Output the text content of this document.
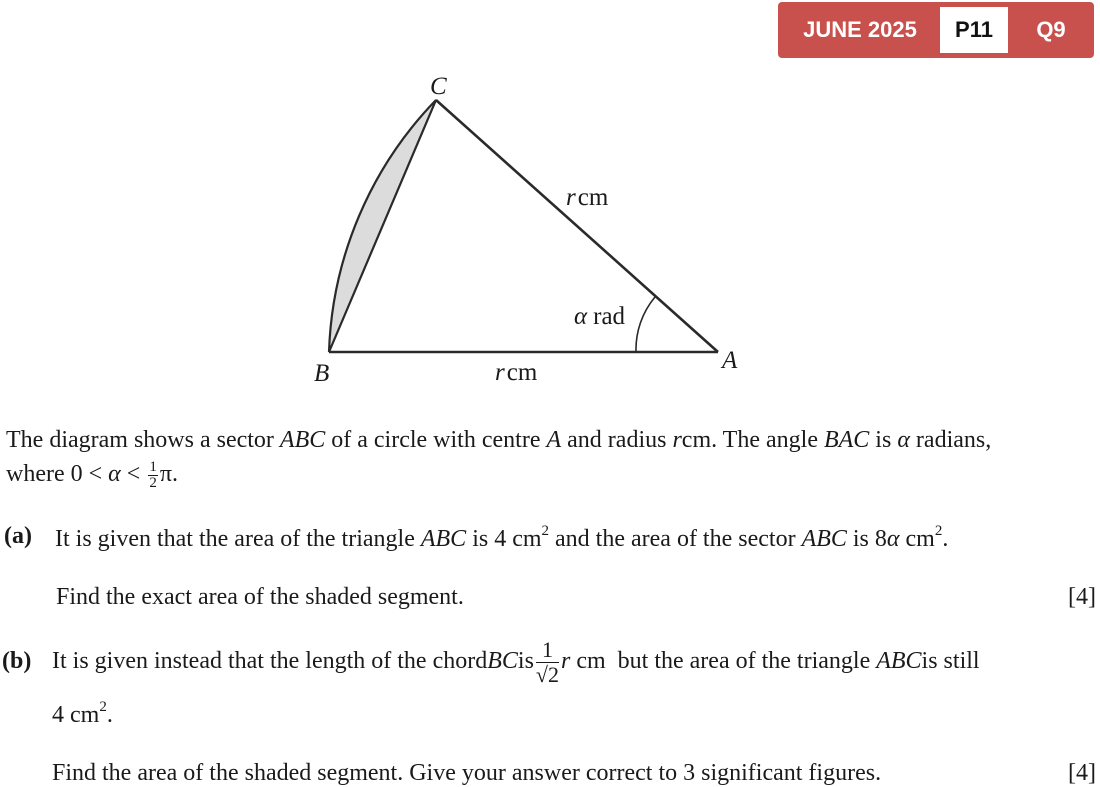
JUNE 2025	P11	Q9
C
B	A
rcm
rcm
α rad
The diagram shows a sector ABC of a circle with centre A and radius rcm. The angle BAC is α radians,
where $0 < \alpha < \frac{1}{2} \pi$.
(a) It is given that the area of the triangle ABC is 4 $cm^2$ and the area of the sector ABC is 8α $cm^2$.
Find the exact area of the shaded segment.	[4]
(b) It is given instead that the length of the chord BC is $\frac{1}{√2}$ r cm  but the area of the triangle ABC is still
4 $cm^2$.
Find the area of the shaded segment. Give your answer correct to 3 significant figures.	[4]
